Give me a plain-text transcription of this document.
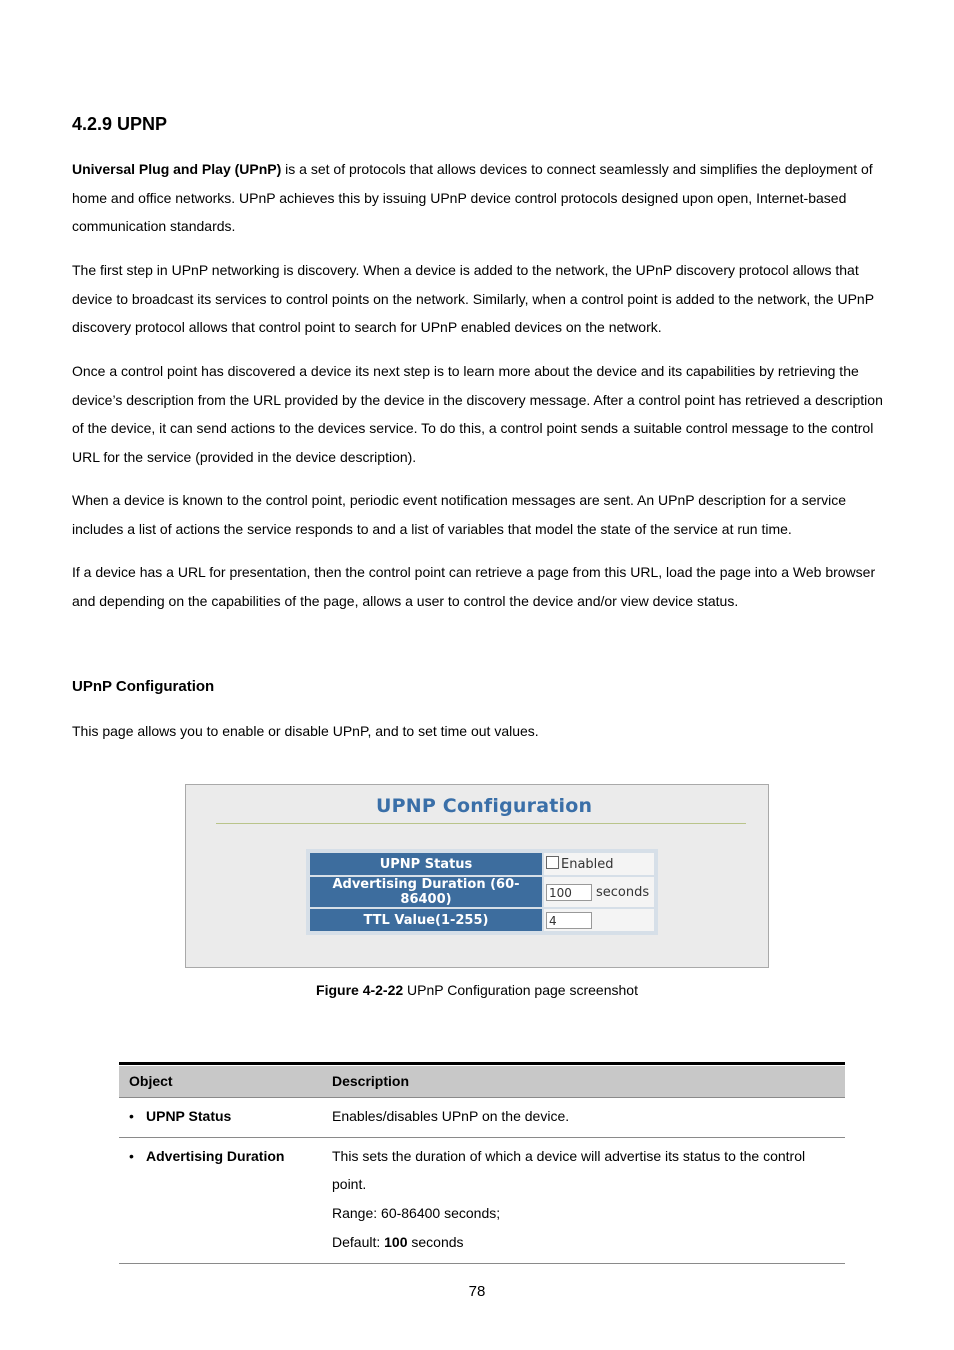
4.2.9 UPNP
Universal Plug and Play (UPnP) is a set of protocols that allows devices to connect seamlessly and simplifies the deployment of home and office networks. UPnP achieves this by issuing UPnP device control protocols designed upon open, Internet-based communication standards.
The first step in UPnP networking is discovery. When a device is added to the network, the UPnP discovery protocol allows that device to broadcast its services to control points on the network. Similarly, when a control point is added to the network, the UPnP discovery protocol allows that control point to search for UPnP enabled devices on the network.
Once a control point has discovered a device its next step is to learn more about the device and its capabilities by retrieving the device’s description from the URL provided by the device in the discovery message. After a control point has retrieved a description of the device, it can send actions to the devices service. To do this, a control point sends a suitable control message to the control URL for the service (provided in the device description).
When a device is known to the control point, periodic event notification messages are sent. An UPnP description for a service includes a list of actions the service responds to and a list of variables that model the state of the service at run time.
If a device has a URL for presentation, then the control point can retrieve a page from this URL, load the page into a Web browser and depending on the capabilities of the page, allows a user to control the device and/or view device status.
UPnP Configuration
This page allows you to enable or disable UPnP, and to set time out values.
UPNP Configuration
UPNP Status	Enabled
Advertising Duration (60-86400)	100 seconds
TTL Value(1-255)	4
Figure 4-2-22 UPnP Configuration page screenshot
Object	Description
• UPNP Status	Enables/disables UPnP on the device.

• Advertising Duration	This sets the duration of which a device will advertise its status to the control point.
Range: 60-86400 seconds;
Default: 100 seconds
78
